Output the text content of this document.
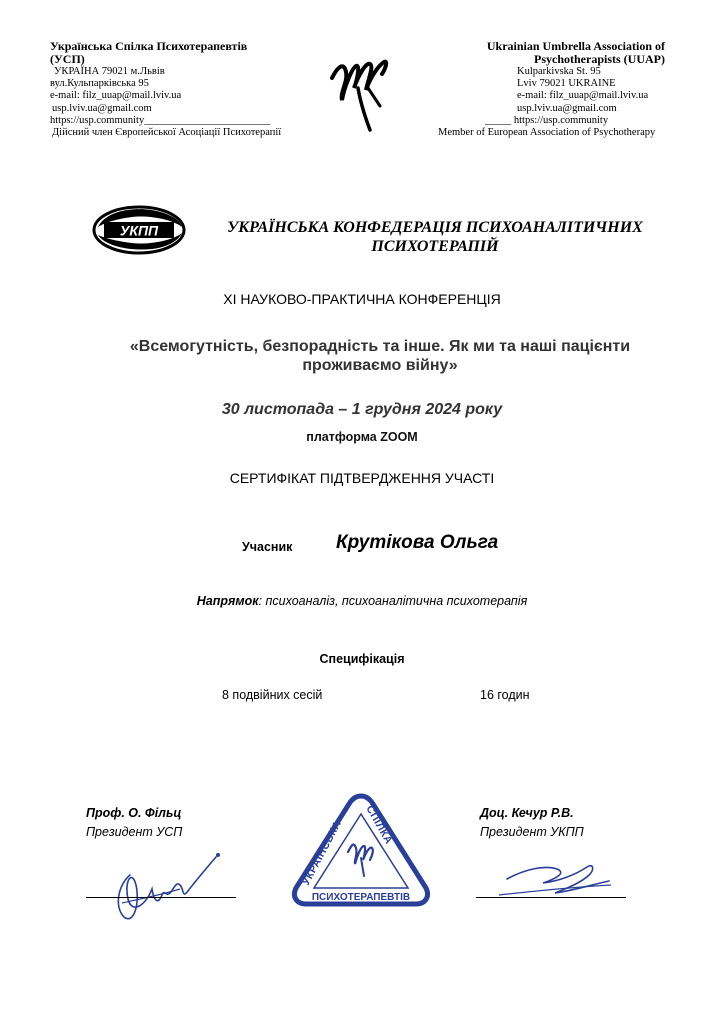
Українська Спілка Психотерапевтів
(УСП)
УКРАЇНА 79021 м.Львів
вул.Кульпарківська 95
e-mail: filz_uuap@mail.lviv.ua
usp.lviv.ua@gmail.com
https://usp.community________________________
Дійсний член Європейської Асоціації Психотерапії
Ukrainian Umbrella Association of
Psychotherapists (UUAP)
Kulparkivska St. 95
Lviv 79021 UKRAINE
e-mail: filz_uuap@mail.lviv.ua
usp.lviv.ua@gmail.com
_____ https://usp.community
Member of European Association of Psychotherapy
УКПП	УКРАЇНСЬКА КОНФЕДЕРАЦІЯ ПСИХОАНАЛІТИЧНИХ
ПСИХОТЕРАПІЙ
ХІ НАУКОВО-ПРАКТИЧНА КОНФЕРЕНЦІЯ
«Всемогутність, безпорадність та інше. Як ми та наші пацієнти
проживаємо війну»
30 листопада – 1 грудня 2024 року
платформа ZOOM
СЕРТИФІКАТ ПІДТВЕРДЖЕННЯ УЧАСТІ
Учасник Крутікова Ольга
Напрямок: психоаналіз, психоаналітична психотерапія
Специфікація
8 подвійних сесій	16 годин
Проф. О. Фільц
Президент УСП
УКРАЇНСЬКА
СПІЛКА
ПСИХОТЕРАПЕВТІВ
Доц. Кечур Р.В.
Президент УКПП
